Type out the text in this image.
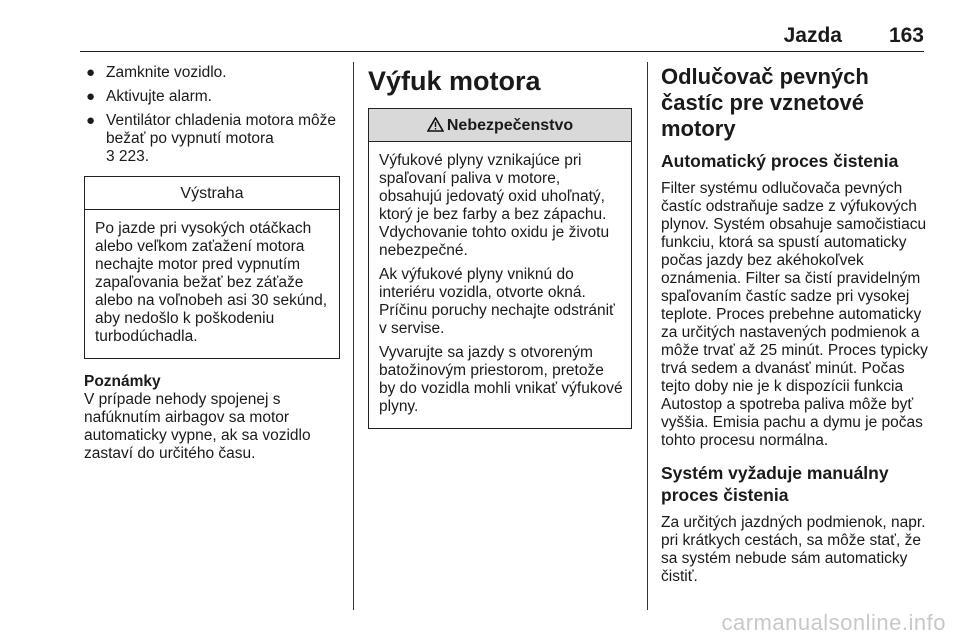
Jazda 163
● Zamknite vozidlo.
● Aktivujte alarm.
● Ventilátor chladenia motora môže bežať po vypnutí motora
3 223.
Výstraha

Po jazde pri vysokých otáčkach alebo veľkom zaťažení motora nechajte motor pred vypnutím zapaľovania bežať bez záťaže alebo na voľnobeh asi 30 sekúnd, aby nedošlo k poškodeniu turbodúchadla.

Poznámky
V prípade nehody spojenej s nafúknutím airbagov sa motor automaticky vypne, ak sa vozidlo zastaví do určitého času.
Výfuk motora
Nebezpečenstvo

Výfukové plyny vznikajúce pri spaľovaní paliva v motore, obsahujú jedovatý oxid uhoľnatý, ktorý je bez farby a bez zápachu. Vdychovanie tohto oxidu je životu nebezpečné.

Ak výfukové plyny vniknú do interiéru vozidla, otvorte okná. Príčinu poruchy nechajte odstrániť v servise.

Vyvarujte sa jazdy s otvoreným batožinovým priestorom, pretože by do vozidla mohli vnikať výfukové plyny.

Odlučovač pevných častíc pre vznetové motory
Automatický proces čistenia

Filter systému odlučovača pevných častíc odstraňuje sadze z výfukových plynov. Systém obsahuje samočistiacu funkciu, ktorá sa spustí automaticky počas jazdy bez akéhokoľvek oznámenia. Filter sa čistí pravidelným spaľovaním častíc sadze pri vysokej teplote. Proces prebehne automaticky za určitých nastavených podmienok a môže trvať až 25 minút. Proces typicky trvá sedem a dvanásť minút. Počas tejto doby nie je k dispozícii funkcia Autostop a spotreba paliva môže byť vyššia. Emisia pachu a dymu je počas tohto procesu normálna.

Systém vyžaduje manuálny proces čistenia

Za určitých jazdných podmienok, napr. pri krátkych cestách, sa môže stať, že sa systém nebude sám automaticky čistiť.

carmanualsonline.info
